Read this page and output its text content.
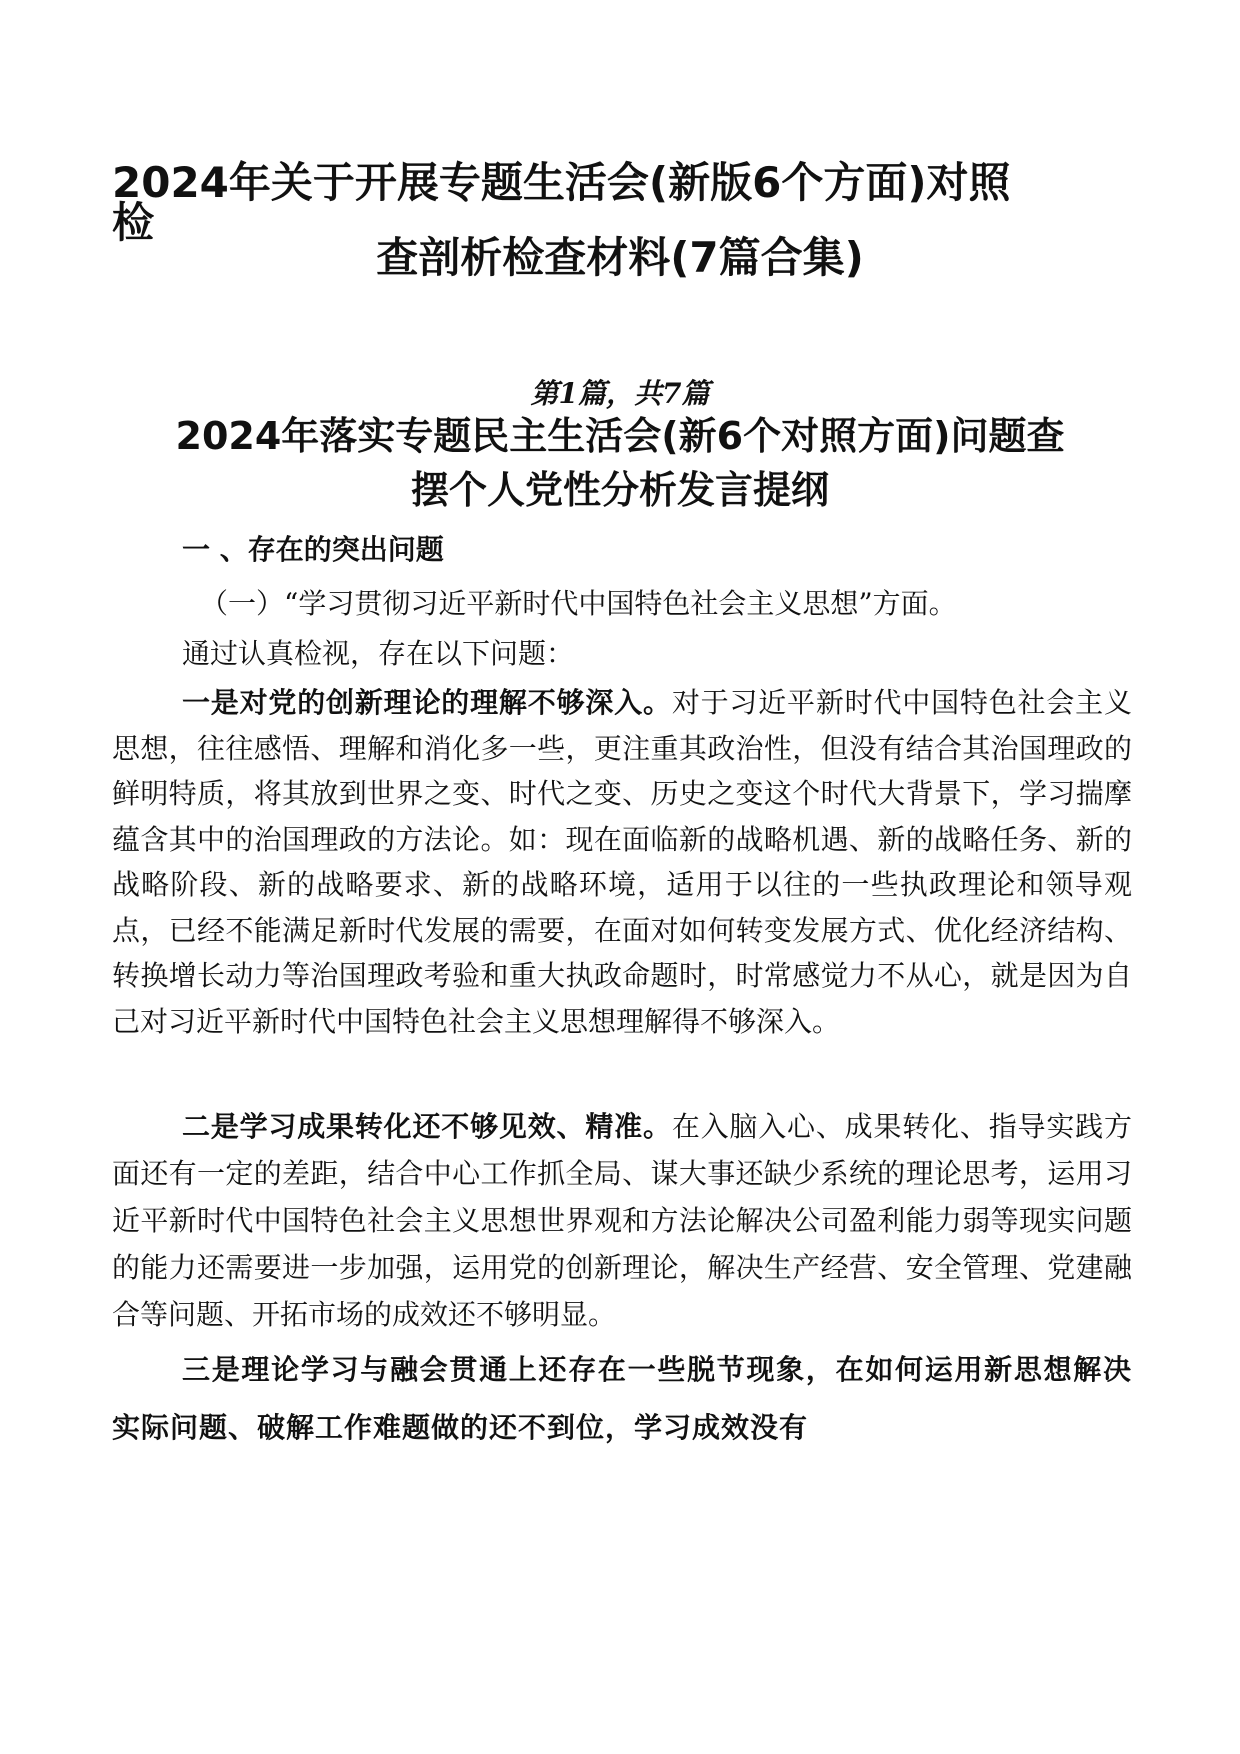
2024年关于开展专题生活会(新版6个方面)对照
检
查剖析检查材料(7篇合集)
第1篇，共7篇
2024年落实专题民主生活会(新6个对照方面)问题查
摆个人党性分析发言提纲
一 、存在的突出问题
（一）“学习贯彻习近平新时代中国特色社会主义思想”方面。
通过认真检视，存在以下问题：

一是对党的创新理论的理解不够深入。对于习近平新时代中国特色社会主义思想，往往感悟、理解和消化多一些，更注重其政治性，但没有结合其治国理政的鲜明特质，将其放到世界之变、时代之变、历史之变这个时代大背景下，学习揣摩蕴含其中的治国理政的方法论。如：现在面临新的战略机遇、新的战略任务、新的战略阶段、新的战略要求、新的战略环境，适用于以往的一些执政理论和领导观点，已经不能满足新时代发展的需要，在面对如何转变发展方式、优化经济结构、转换增长动力等治国理政考验和重大执政命题时，时常感觉力不从心，就是因为自己对习近平新时代中国特色社会主义思想理解得不够深入。

二是学习成果转化还不够见效、精准。在入脑入心、成果转化、指导实践方面还有一定的差距，结合中心工作抓全局、谋大事还缺少系统的理论思考，运用习近平新时代中国特色社会主义思想世界观和方法论解决公司盈利能力弱等现实问题的能力还需要进一步加强，运用党的创新理论，解决生产经营、安全管理、党建融合等问题、开拓市场的成效还不够明显。

三是理论学习与融会贯通上还存在一些脱节现象，在如何运用新思想解决实际问题、破解工作难题做的还不到位，学习成效没有
